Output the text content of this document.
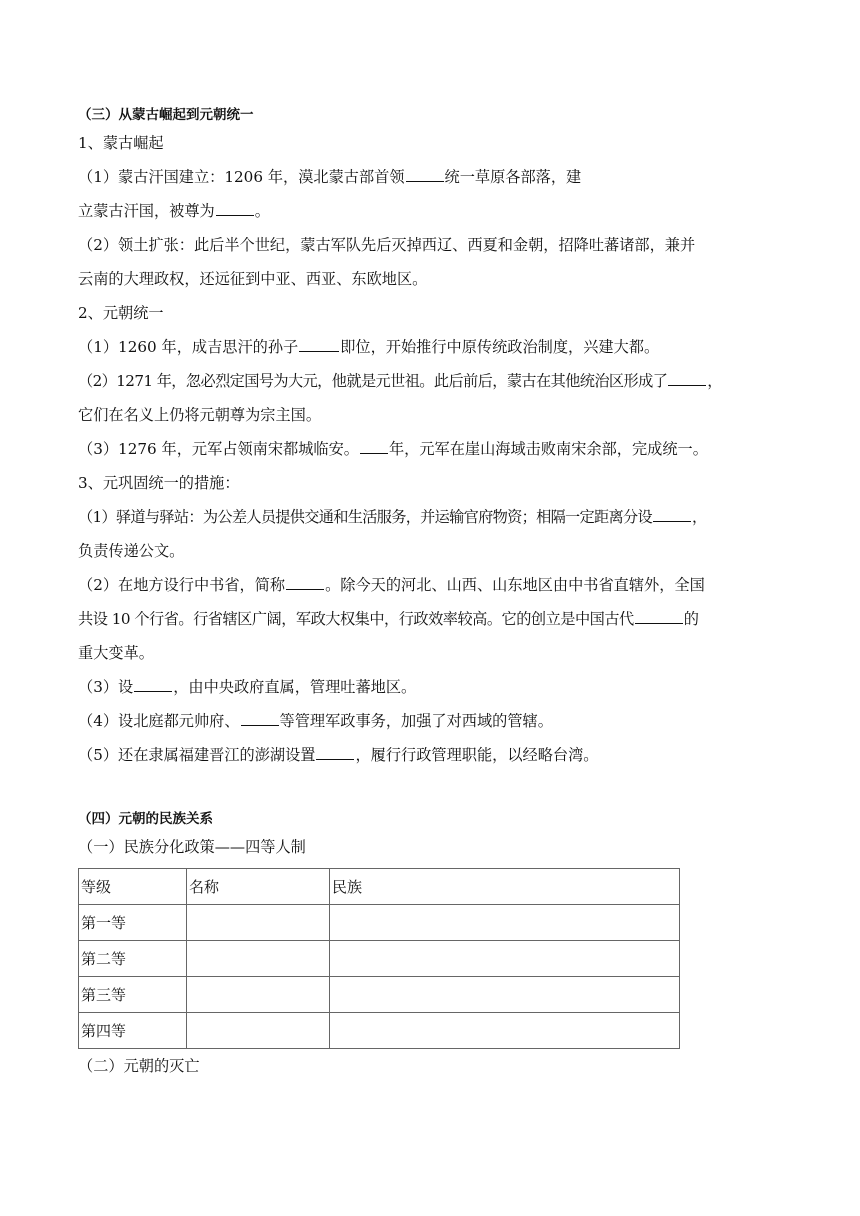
（三）从蒙古崛起到元朝统一
1、蒙古崛起
（1）蒙古汗国建立：1206 年，漠北蒙古部首领	统一草原各部落，建
立蒙古汗国，被尊为	。
（2）领土扩张：此后半个世纪，蒙古军队先后灭掉西辽、西夏和金朝，招降吐蕃诸部，兼并
云南的大理政权，还远征到中亚、西亚、东欧地区。
2、元朝统一
（1）1260 年，成吉思汗的孙子	即位，开始推行中原传统政治制度，兴建大都。
（2）1271 年，忽必烈定国号为大元，他就是元世祖。此后前后，蒙古在其他统治区形成了	，
它们在名义上仍将元朝尊为宗主国。
（3）1276 年，元军占领南宋都城临安。 年，元军在崖山海域击败南宋余部，完成统一。
3、元巩固统一的措施：
（1）驿道与驿站：为公差人员提供交通和生活服务，并运输官府物资；相隔一定距离分设	，
负责传递公文。
（2）在地方设行中书省，简称	。除今天的河北、山西、山东地区由中书省直辖外，全国
共设 10 个行省。行省辖区广阔，军政大权集中，行政效率较高。它的创立是中国古代	的
重大变革。
（3）设	，由中央政府直属，管理吐蕃地区。
（4）设北庭都元帅府、	等管理军政事务，加强了对西域的管辖。
（5）还在隶属福建晋江的澎湖设置	，履行行政管理职能，以经略台湾。
（四）元朝的民族关系
（一）民族分化政策——四等人制
等级	名称	民族
第一等		
第二等		
第三等		
第四等		
（二）元朝的灭亡
